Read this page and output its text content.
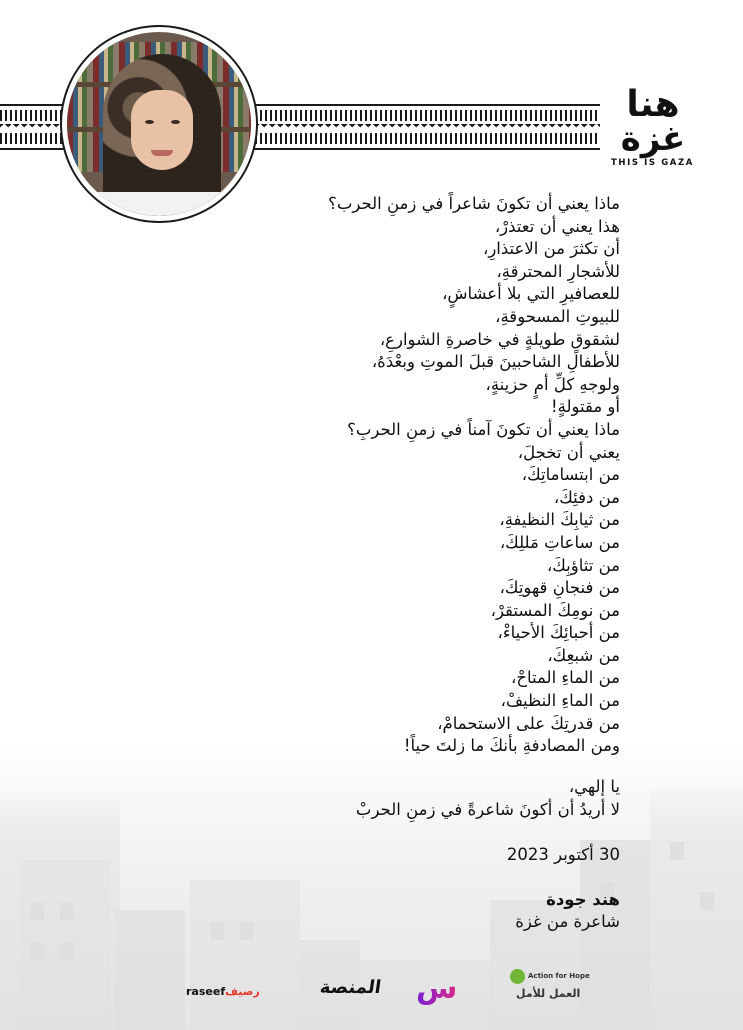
هنا
غزة
THIS IS GAZA
ماذا يعني أن تكونَ شاعراً في زمنِ الحرب؟
هذا يعني أن تعتذرْ،
أن تكثرَ من الاعتذارِ،
للأشجارِ المحترقةِ،
للعصافيرِ التي بلا أعشاشٍ،
للبيوتِ المسحوقةِ،
لشقوقٍ طويلةٍ في خاصرةِ الشوارعِ،
للأطفالِ الشاحبينَ قبلَ الموتِ وبعْدَهُ،
ولوجهِ كلِّ أمٍ حزينةٍ،
أو مقتولةٍ!
ماذا يعني أن تكونَ آمناً في زمنِ الحربِ؟
يعني أن تخجلَ،
من ابتساماتِكَ،
من دفئِكَ،
من ثيابِكَ النظيفةِ،
من ساعاتِ مَللِكَ،
من تثاؤبِكَ،
من فنجانِ قهوتِكَ،
من نومِكَ المستقرْ،
من أحبائِكَ الأحياءْ،
من شبعِكَ،
من الماءِ المتاحْ،
من الماءِ النظيفْ،
من قدرتِكَ على الاستحمامْ،
ومن المصادفةِ بأنكَ ما زلتَ حياً!
يا إلهي،
لا أريدُ أن أكونَ شاعرةً في زمنِ الحربْ
30 أكتوبر 2023
هند جودة
شاعرة من غزة
raseefرصيف	المنصة س	Action for Hope
العمل للأمل
